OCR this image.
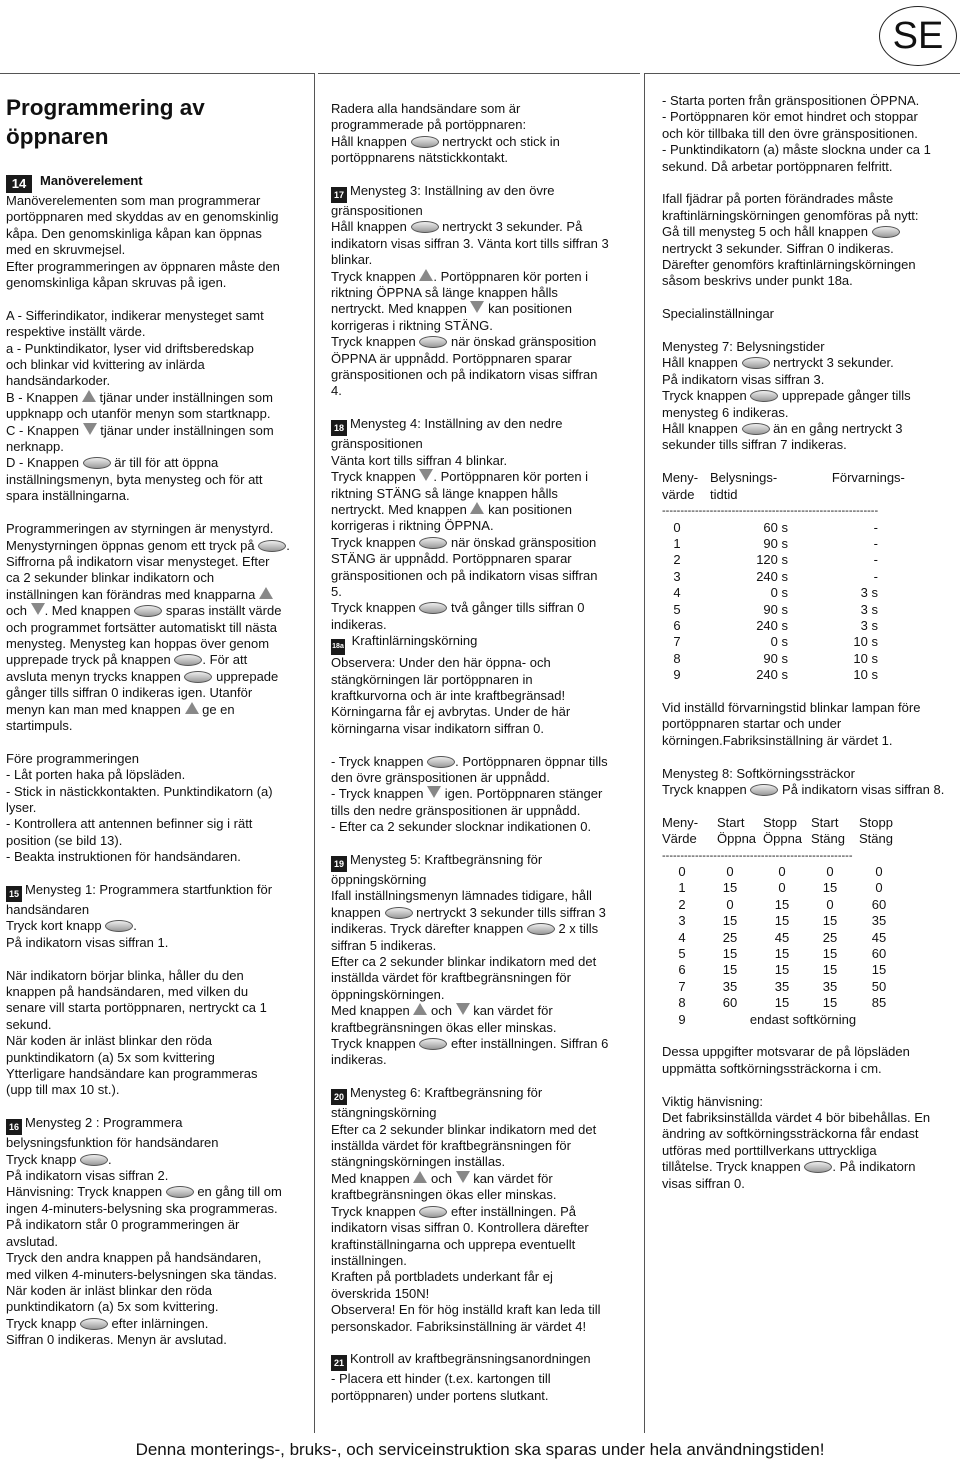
SE
Programmering av
öppnaren

14 Manöverelement

Manöverelementen som man programmerar

portöppnaren med skyddas av en genomskinlig

kåpa. Den genomskinliga kåpan kan öppnas

med en skruvmejsel.

Efter programmeringen av öppnaren måste den

genomskinliga kåpan skruvas på igen.

A - Sifferindikator, indikerar menysteget samt

respektive inställt värde.

a - Punktindikator, lyser vid driftsberedskap

och blinkar vid kvittering av inlärda

handsändarkoder.

B - Knappen  tjänar under inställningen som

uppknapp och utanför menyn som startknapp.

C - Knappen  tjänar under inställningen som

nerknapp.

D - Knappen  är till för att öppna

inställningsmenyn, byta menysteg och för att

spara inställningarna.

Programmeringen av styrningen är menystyrd.

Menystyrningen öppnas genom ett tryck på .

Siffrorna på indikatorn visar menysteget. Efter

ca 2 sekunder blinkar indikatorn och

inställningen kan förändras med knapparna

och . Med knappen  sparas inställt värde

och programmet fortsätter automatiskt till nästa

menysteg. Menysteg kan hoppas över genom

upprepade tryck på knappen . För att

avsluta menyn trycks knappen  upprepade

gånger tills siffran 0 indikeras igen. Utanför

menyn kan man med knappen  ge en

startimpuls.

Före programmeringen

- Låt porten haka på löpsläden.

- Stick in nästickkontakten. Punktindikatorn (a)

lyser.

- Kontrollera att antennen befinner sig i rätt

position (se bild 13).

- Beakta instruktionen för handsändaren.

15 Menysteg 1: Programmera startfunktion för

handsändaren

Tryck kort knapp .

På indikatorn visas siffran 1.

När indikatorn börjar blinka, håller du den

knappen på handsändaren, med vilken du

senare vill starta portöppnaren, nertryckt ca 1

sekund.

När koden är inläst blinkar den röda

punktindikatorn (a) 5x som kvittering

Ytterligare handsändare kan programmeras

(upp till max 10 st.).

16 Menysteg 2 : Programmera

belysningsfunktion för handsändaren

Tryck knapp .

På indikatorn visas siffran 2.

Hänvisning: Tryck knappen  en gång till om

ingen 4-minuters-belysning ska programmeras.

På indikatorn står 0 programmeringen är

avslutad.

Tryck den andra knappen på handsändaren,

med vilken 4-minuters-belysningen ska tändas.

När koden är inläst blinkar den röda

punktindikatorn (a) 5x som kvittering.

Tryck knapp  efter inlärningen.

Siffran 0 indikeras. Menyn är avslutad.

Radera alla handsändare som är

programmerade på portöppnaren:

Håll knappen  nertryckt och stick in

portöppnarens nätstickkontakt.

17 Menysteg 3: Inställning av den övre

gränspositionen

Håll knappen  nertryckt 3 sekunder. På

indikatorn visas siffran 3. Vänta kort tills siffran 3

blinkar.

Tryck knappen . Portöppnaren kör porten i

riktning ÖPPNA så länge knappen hålls

nertryckt. Med knappen  kan positionen

korrigeras i riktning STÄNG.

Tryck knappen  när önskad gränsposition

ÖPPNA är uppnådd. Portöppnaren sparar

gränspositionen och på indikatorn visas siffran

4.

18 Menysteg 4: Inställning av den nedre

gränspositionen

Vänta kort tills siffran 4 blinkar.

Tryck knappen . Portöppnaren kör porten i

riktning STÄNG så länge knappen hålls

nertryckt. Med knappen  kan positionen

korrigeras i riktning ÖPPNA.

Tryck knappen  när önskad gränsposition

STÄNG är uppnådd. Portöppnaren sparar

gränspositionen och på indikatorn visas siffran

5.

Tryck knappen  två gånger tills siffran 0

indikeras.

18a Kraftinlärningskörning

Observera: Under den här öppna- och

stängkörningen lär portöppnaren in

kraftkurvorna och är inte kraftbegränsad!

Körningarna får ej avbrytas. Under de här

körningarna visar indikatorn siffran 0.

- Tryck knappen . Portöppnaren öppnar tills

den övre gränspositionen är uppnådd.

- Tryck knappen  igen. Portöppnaren stänger

tills den nedre gränspositionen är uppnådd.

- Efter ca 2 sekunder slocknar indikationen 0.

19 Menysteg 5: Kraftbegränsning för

öppningskörning

Ifall inställningsmenyn lämnades tidigare, håll

knappen  nertryckt 3 sekunder tills siffran 3

indikeras. Tryck därefter knappen  2 x tills

siffran 5 indikeras.

Efter ca 2 sekunder blinkar indikatorn med det

inställda värdet för kraftbegränsningen för

öppningskörningen.

Med knappen  och  kan värdet för

kraftbegränsningen ökas eller minskas.

Tryck knappen  efter inställningen. Siffran 6

indikeras.

20 Menysteg 6: Kraftbegränsning för

stängningskörning

Efter ca 2 sekunder blinkar indikatorn med det

inställda värdet för kraftbegränsningen för

stängningskörningen inställas.

Med knappen  och  kan värdet för

kraftbegränsningen ökas eller minskas.

Tryck knappen  efter inställningen. På

indikatorn visas siffran 0. Kontrollera därefter

kraftinställningarna och upprepa eventuellt

inställningen.

Kraften på portbladets underkant får ej

överskrida 150N!

Observera! En för hög inställd kraft kan leda till

personskador. Fabriksinställning är värdet 4!

21 Kontroll av kraftbegränsningsanordningen

- Placera ett hinder (t.ex. kartongen till

portöppnaren) under portens slutkant.

- Starta porten från gränspositionen ÖPPNA.

- Portöppnaren kör emot hindret och stoppar

och kör tillbaka till den övre gränspositionen.

- Punktindikatorn (a) måste slockna under ca 1

sekund. Då arbetar portöppnaren felfritt.

Ifall fjädrar på porten förändrades måste

kraftinlärningskörningen genomföras på nytt:

Gå till menysteg 5 och håll knappen

nertryckt 3 sekunder. Siffran 0 indikeras.

Därefter genomförs kraftinlärningskörningen

såsom beskrivs under punkt 18a.

Specialinställningar

Menysteg 7: Belysningstider

Håll knappen  nertryckt 3 sekunder.

På indikatorn visas siffran 3.

Tryck knappen  upprepade gånger tills

menysteg 6 indikeras.

Håll knappen  än en gång nertryckt 3

sekunder tills siffran 7 indikeras.

Meny-	Belysnings-	Förvarnings-
värde	tidtid	
-----------------------------------------------------------		
0	60 s	-
1	90 s	-
2	120 s	-
3	240 s	-
4	0 s	3 s
5	90 s	3 s
6	240 s	3 s
7	0 s	10 s
8	90 s	10 s
9	240 s	10 s

Vid inställd förvarningstid blinkar lampan före

portöppnaren startar och under

körningen.Fabriksinställning är värdet 1.

Menysteg 8: Softkörningssträckor

Tryck knappen  På indikatorn visas siffran 8.

Meny-	Start	Stopp	Start	Stopp
Värde	Öppna	Öppna	Stäng	Stäng
----------------------------------------------------				
0	0	0	0	0
1	15	0	15	0
2	0	15	0	60
3	15	15	15	35
4	25	45	25	45
5	15	15	15	60
6	15	15	15	15
7	35	35	35	50
8	60	15	15	85
9	endast softkörning			

Dessa uppgifter motsvarar de på löpsläden

uppmätta softkörningssträckorna i cm.

Viktig hänvisning:

Det fabriksinställda värdet 4 bör bibehållas. En

ändring av softkörningssträckorna får endast

utföras med porttillverkans uttryckliga

tillåtelse. Tryck knappen . På indikatorn

visas siffran 0.

Denna monterings-, bruks-, och serviceinstruktion ska sparas under hela användningstiden!
